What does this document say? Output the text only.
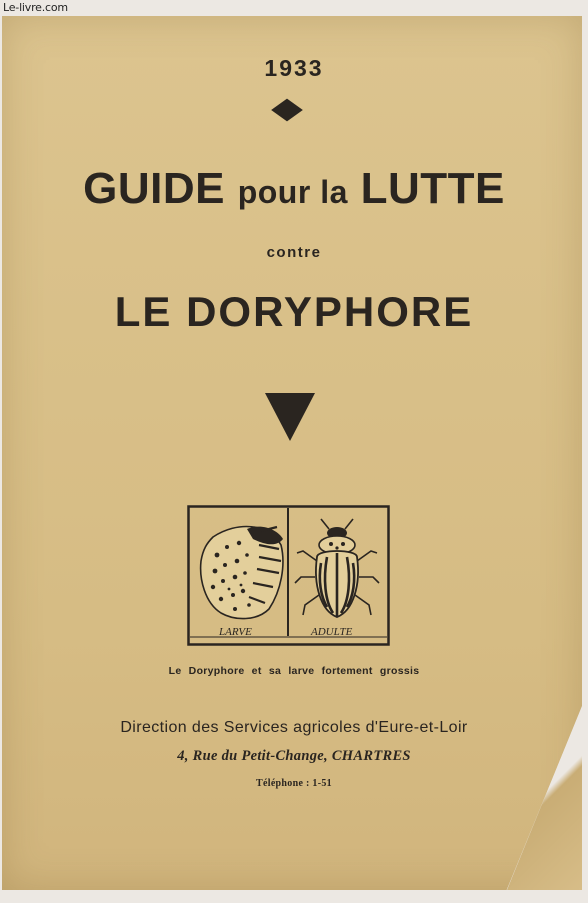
Le-livre.com
1933
GUIDE pour la LUTTE
contre
LE DORYPHORE
LARVE	ADULTE
Le Doryphore et sa larve fortement grossis
Direction des Services agricoles d'Eure-et-Loir
4, Rue du Petit-Change, CHARTRES
Téléphone : 1-51
